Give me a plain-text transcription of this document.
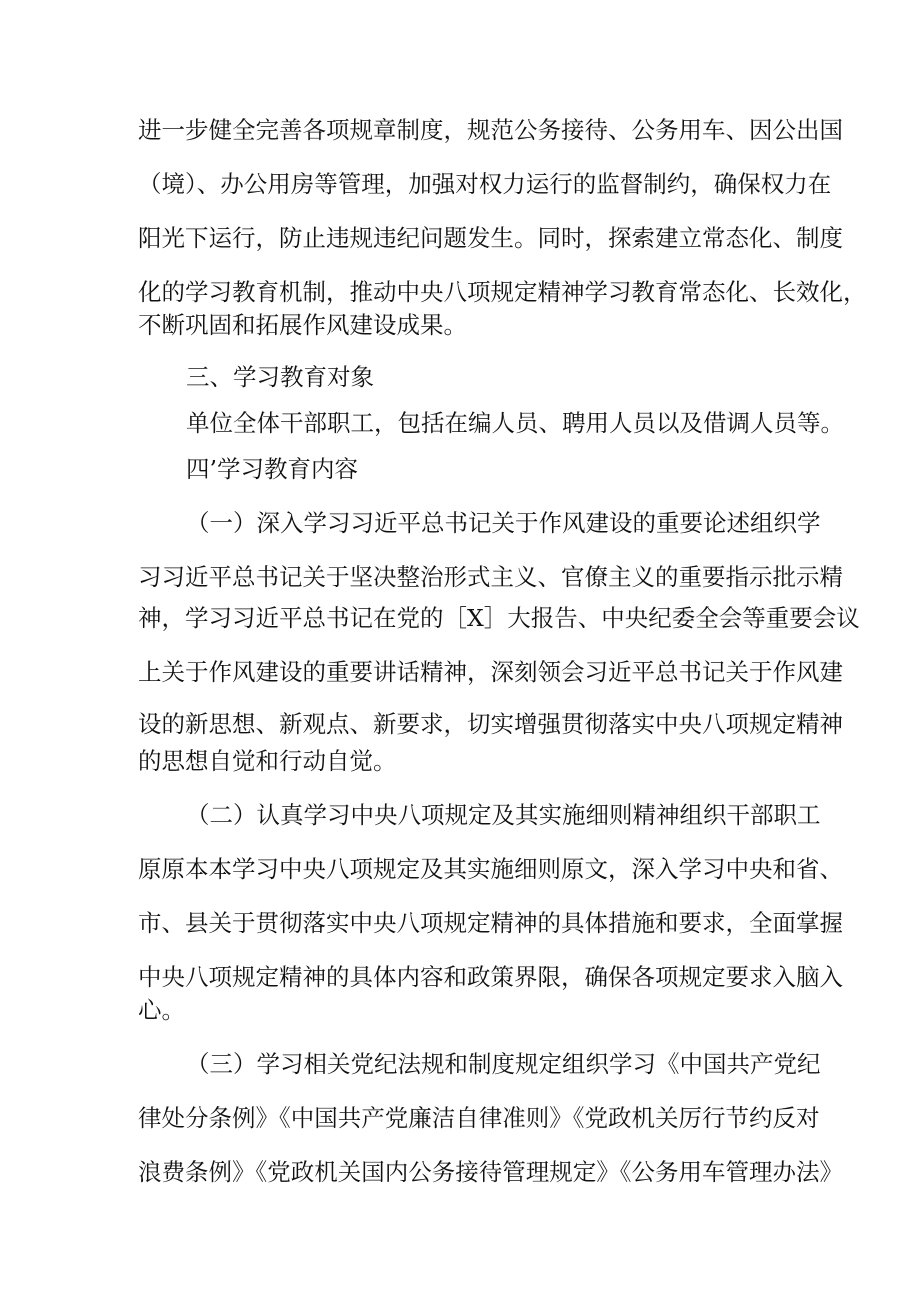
进一步健全完善各项规章制度，规范公务接待、公务用车、因公出国

（境）、办公用房等管理，加强对权力运行的监督制约，确保权力在

阳光下运行，防止违规违纪问题发生。同时，探索建立常态化、制度

化的学习教育机制，推动中央八项规定精神学习教育常态化、长效化，

不断巩固和拓展作风建设成果。

三、学习教育对象

单位全体干部职工，包括在编人员、聘用人员以及借调人员等。

四’学习教育内容

（一）深入学习习近平总书记关于作风建设的重要论述组织学

习习近平总书记关于坚决整治形式主义、官僚主义的重要指示批示精

神，学习习近平总书记在党的［X］大报告、中央纪委全会等重要会议

上关于作风建设的重要讲话精神，深刻领会习近平总书记关于作风建

设的新思想、新观点、新要求，切实增强贯彻落实中央八项规定精神

的思想自觉和行动自觉。

（二）认真学习中央八项规定及其实施细则精神组织干部职工

原原本本学习中央八项规定及其实施细则原文，深入学习中央和省、

市、县关于贯彻落实中央八项规定精神的具体措施和要求，全面掌握

中央八项规定精神的具体内容和政策界限，确保各项规定要求入脑入

心。

（三）学习相关党纪法规和制度规定组织学习《中国共产党纪

律处分条例》《中国共产党廉洁自律准则》《党政机关厉行节约反对

浪费条例》《党政机关国内公务接待管理规定》《公务用车管理办法》
